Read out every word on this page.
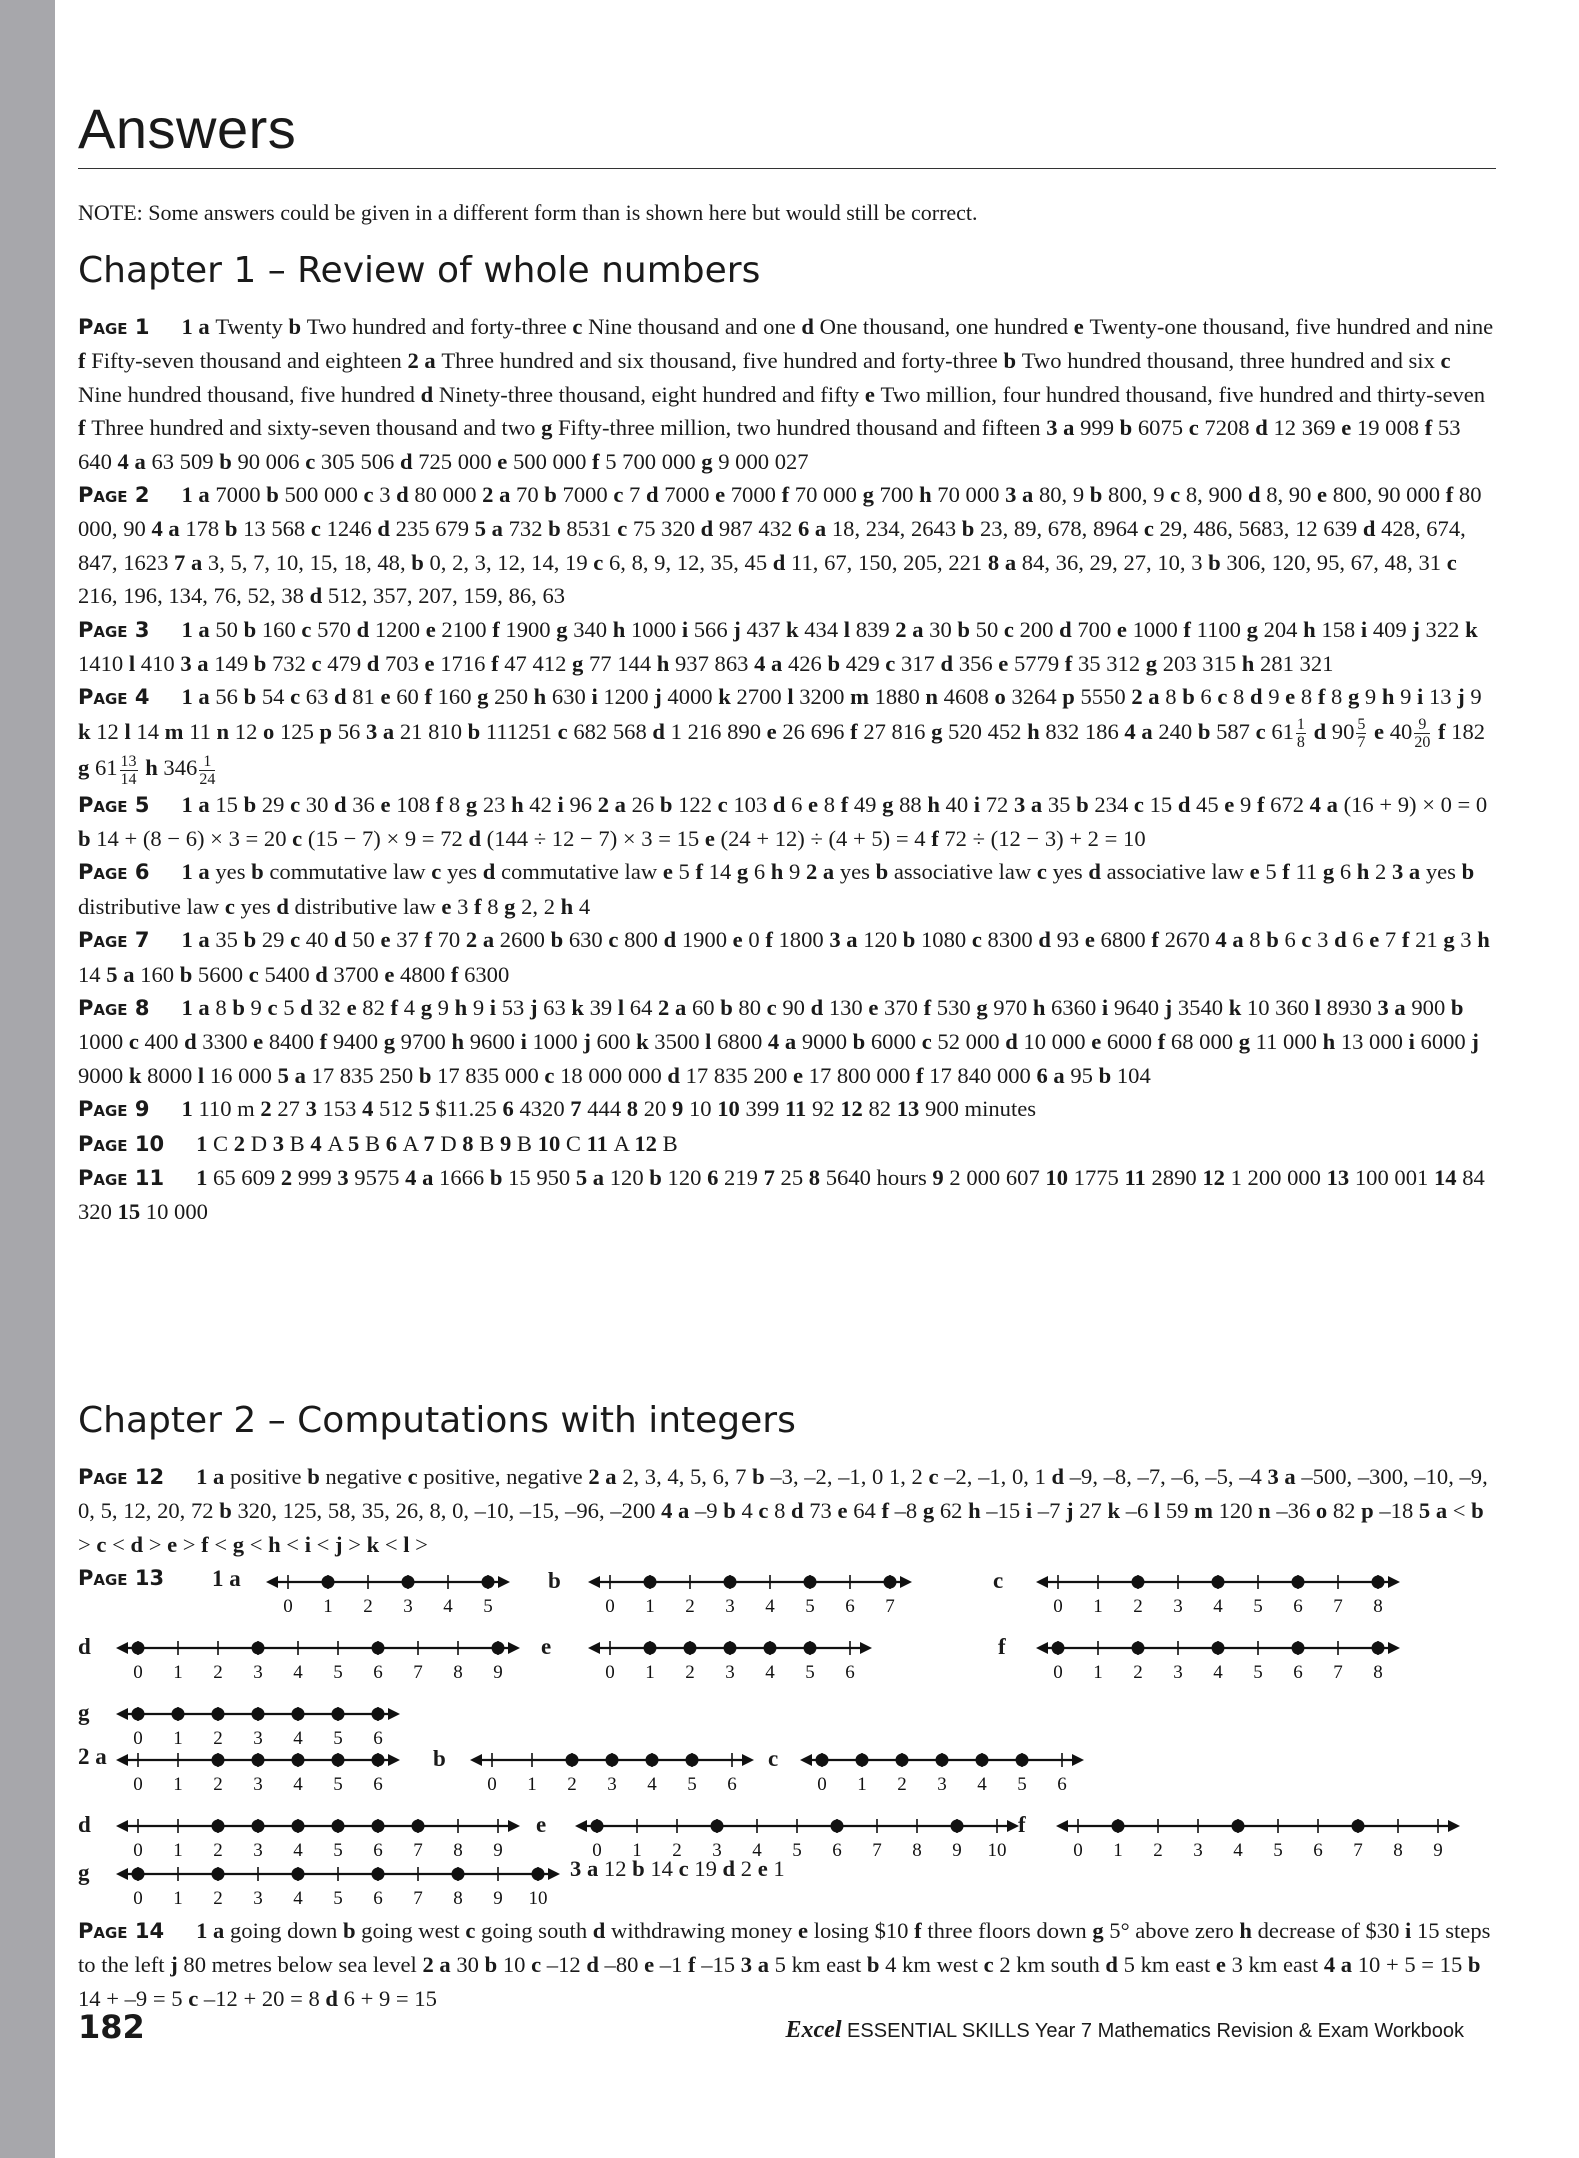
Answers

NOTE: Some answers could be given in a different form than is shown here but would still be correct.

Chapter 1 – Review of whole numbers

Page 1 1 a Twenty b Two hundred and forty-three c Nine thousand and one d One thousand, one hundred e Twenty-one thousand, five hundred and nine f Fifty-seven thousand and eighteen 2 a Three hundred and six thousand, five hundred and forty-three b Two hundred thousand, three hundred and six c Nine hundred thousand, five hundred d Ninety-three thousand, eight hundred and fifty e Two million, four hundred thousand, five hundred and thirty-seven f Three hundred and sixty-seven thousand and two g Fifty-three million, two hundred thousand and fifteen 3 a 999 b 6075 c 7208 d 12 369 e 19 008 f 53 640 4 a 63 509 b 90 006 c 305 506 d 725 000 e 500 000 f 5 700 000 g 9 000 027

Page 2 1 a 7000 b 500 000 c 3 d 80 000 2 a 70 b 7000 c 7 d 7000 e 7000 f 70 000 g 700 h 70 000 3 a 80, 9 b 800, 9 c 8, 900 d 8, 90 e 800, 90 000 f 80 000, 90 4 a 178 b 13 568 c 1246 d 235 679 5 a 732 b 8531 c 75 320 d 987 432 6 a 18, 234, 2643 b 23, 89, 678, 8964 c 29, 486, 5683, 12 639 d 428, 674, 847, 1623 7 a 3, 5, 7, 10, 15, 18, 48, b 0, 2, 3, 12, 14, 19 c 6, 8, 9, 12, 35, 45 d 11, 67, 150, 205, 221 8 a 84, 36, 29, 27, 10, 3 b 306, 120, 95, 67, 48, 31 c 216, 196, 134, 76, 52, 38 d 512, 357, 207, 159, 86, 63

Page 3 1 a 50 b 160 c 570 d 1200 e 2100 f 1900 g 340 h 1000 i 566 j 437 k 434 l 839 2 a 30 b 50 c 200 d 700 e 1000 f 1100 g 204 h 158 i 409 j 322 k 1410 l 410 3 a 149 b 732 c 479 d 703 e 1716 f 47 412 g 77 144 h 937 863 4 a 426 b 429 c 317 d 356 e 5779 f 35 312 g 203 315 h 281 321

Page 4 1 a 56 b 54 c 63 d 81 e 60 f 160 g 250 h 630 i 1200 j 4000 k 2700 l 3200 m 1880 n 4608 o 3264 p 5550 2 a 8 b 6 c 8 d 9 e 8 f 8 g 9 h 9 i 13 j 9 k 12 l 14 m 11 n 12 o 125 p 56 3 a 21 810 b 111251 c 682 568 d 1 216 890 e 26 696 f 27 816 g 520 452 h 832 186 4 a 240 b 587 c $61 \frac{1}{8}$ d $90 \frac{5}{7}$ e $40 \frac{9}{20}$ f 182 g $61 \frac{13}{14}$ h $346 \frac{1}{24}$

Page 5 1 a 15 b 29 c 30 d 36 e 108 f 8 g 23 h 42 i 96 2 a 26 b 122 c 103 d 6 e 8 f 49 g 88 h 40 i 72 3 a 35 b 234 c 15 d 45 e 9 f 672 4 a (16 + 9) × 0 = 0 b 14 + (8 − 6) × 3 = 20 c (15 − 7) × 9 = 72 d (144 ÷ 12 − 7) × 3 = 15 e (24 + 12) ÷ (4 + 5) = 4 f 72 ÷ (12 − 3) + 2 = 10

Page 6 1 a yes b commutative law c yes d commutative law e 5 f 14 g 6 h 9 2 a yes b associative law c yes d associative law e 5 f 11 g 6 h 2 3 a yes b distributive law c yes d distributive law e 3 f 8 g 2, 2 h 4

Page 7 1 a 35 b 29 c 40 d 50 e 37 f 70 2 a 2600 b 630 c 800 d 1900 e 0 f 1800 3 a 120 b 1080 c 8300 d 93 e 6800 f 2670 4 a 8 b 6 c 3 d 6 e 7 f 21 g 3 h 14 5 a 160 b 5600 c 5400 d 3700 e 4800 f 6300

Page 8 1 a 8 b 9 c 5 d 32 e 82 f 4 g 9 h 9 i 53 j 63 k 39 l 64 2 a 60 b 80 c 90 d 130 e 370 f 530 g 970 h 6360 i 9640 j 3540 k 10 360 l 8930 3 a 900 b 1000 c 400 d 3300 e 8400 f 9400 g 9700 h 9600 i 1000 j 600 k 3500 l 6800 4 a 9000 b 6000 c 52 000 d 10 000 e 6000 f 68 000 g 11 000 h 13 000 i 6000 j 9000 k 8000 l 16 000 5 a 17 835 250 b 17 835 000 c 18 000 000 d 17 835 200 e 17 800 000 f 17 840 000 6 a 95 b 104

Page 9 1 110 m 2 27 3 153 4 512 5 $11.25 6 4320 7 444 8 20 9 10 10 399 11 92 12 82 13 900 minutes

Page 10 1 C 2 D 3 B 4 A 5 B 6 A 7 D 8 B 9 B 10 C 11 A 12 B

Page 11 1 65 609 2 999 3 9575 4 a 1666 b 15 950 5 a 120 b 120 6 219 7 25 8 5640 hours 9 2 000 607 10 1775 11 2890 12 1 200 000 13 100 001 14 84 320 15 10 000

Chapter 2 – Computations with integers

Page 12 1 a positive b negative c positive, negative 2 a 2, 3, 4, 5, 6, 7 b –3, –2, –1, 0 1, 2 c –2, –1, 0, 1 d –9, –8, –7, –6, –5, –4 3 a –500, –300, –10, –9, 0, 5, 12, 20, 72 b 320, 125, 58, 35, 26, 8, 0, –10, –15, –96, –200 4 a –9 b 4 c 8 d 73 e 64 f –8 g 62 h –15 i –7 j 27 k –6 l 59 m 120 n –36 o 82 p –18 5 a < b > c < d > e > f < g < h < i < j > k < l >

0 1 2 3 4 5
b
0 1 2 3 4 5 6 7
c
0 1 2 3 4 5 6 7 8
d
0 1 2 3 4 5 6 7 8 9
e
0 1 2 3 4 5 6
f
0 1 2 3 4 5 6 7 8
g
0 1 2 3 4 5 6
0 1 2 3 4 5 6
b
0 1 2 3 4 5 6
c
0 1 2 3 4 5 6
d
0 1 2 3 4 5 6 7 8 9
e
0 1 2 3 4 5 6 7 8 9 10
f
0 1 2 3 4 5 6 7 8 9
g
0 1 2 3 4 5 6 7 8 9 10
Page 13	1 a
2 a
3 a 12 b 14 c 19 d 2 e 1

Page 14 1 a going down b going west c going south d withdrawing money e losing $10 f three floors down g 5° above zero h decrease of $30 i 15 steps to the left j 80 metres below sea level 2 a 30 b 10 c –12 d –80 e –1 f –15 3 a 5 km east b 4 km west c 2 km south d 5 km east e 3 km east 4 a 10 + 5 = 15 b 14 + –9 = 5 c –12 + 20 = 8 d 6 + 9 = 15

182	Excel ESSENTIAL SKILLS Year 7 Mathematics Revision & Exam Workbook
